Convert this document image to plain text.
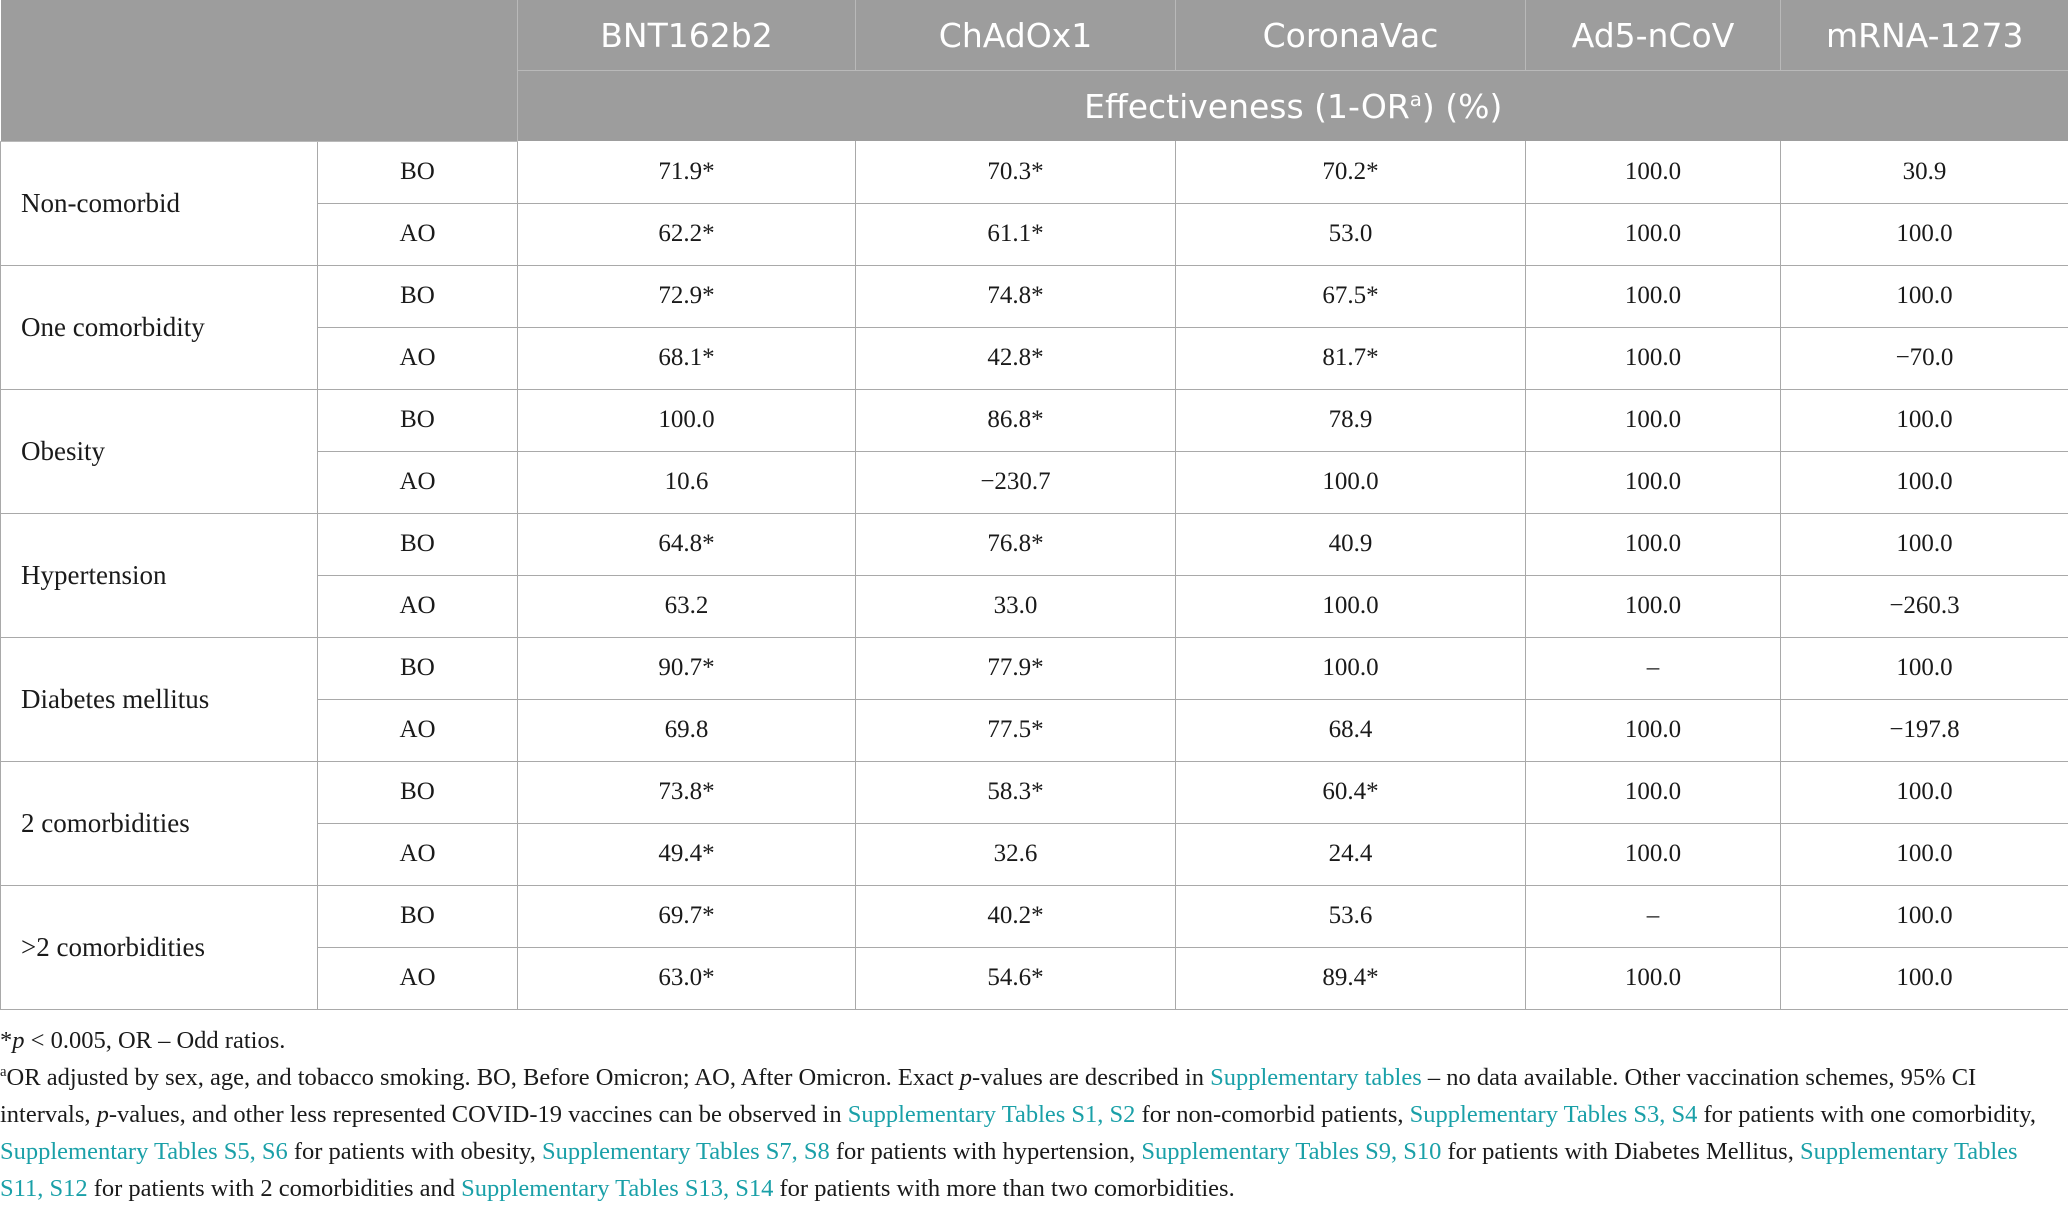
		BNT162b2	ChAdOx1	CoronaVac	Ad5-nCoV	mRNA-1273
		Effectiveness $(1-OR^a)$ (%)				
Non-comorbid	BO	71.9*	70.3*	70.2*	100.0	30.9
	AO	62.2*	61.1*	53.0	100.0	100.0
One comorbidity	BO	72.9*	74.8*	67.5*	100.0	100.0
	AO	68.1*	42.8*	81.7*	100.0	−70.0
Obesity	BO	100.0	86.8*	78.9	100.0	100.0
	AO	10.6	−230.7	100.0	100.0	100.0
Hypertension	BO	64.8*	76.8*	40.9	100.0	100.0
	AO	63.2	33.0	100.0	100.0	−260.3
Diabetes mellitus	BO	90.7*	77.9*	100.0	–	100.0
	AO	69.8	77.5*	68.4	100.0	−197.8
2 comorbidities	BO	73.8*	58.3*	60.4*	100.0	100.0
	AO	49.4*	32.6	24.4	100.0	100.0
>2 comorbidities	BO	69.7*	40.2*	53.6	–	100.0
	AO	63.0*	54.6*	89.4*	100.0	100.0

*p < 0.005, OR – Odd ratios.

$^a$OR adjusted by sex, age, and tobacco smoking. BO, Before Omicron; AO, After Omicron. Exact p-values are described in Supplementary tables – no data available. Other vaccination schemes, 95% CI intervals, p-values, and other less represented COVID-19 vaccines can be observed in Supplementary Tables S1, S2 for non-comorbid patients, Supplementary Tables S3, S4 for patients with one comorbidity, Supplementary Tables S5, S6 for patients with obesity, Supplementary Tables S7, S8 for patients with hypertension, Supplementary Tables S9, S10 for patients with Diabetes Mellitus, Supplementary Tables S11, S12 for patients with 2 comorbidities and Supplementary Tables S13, S14 for patients with more than two comorbidities.
